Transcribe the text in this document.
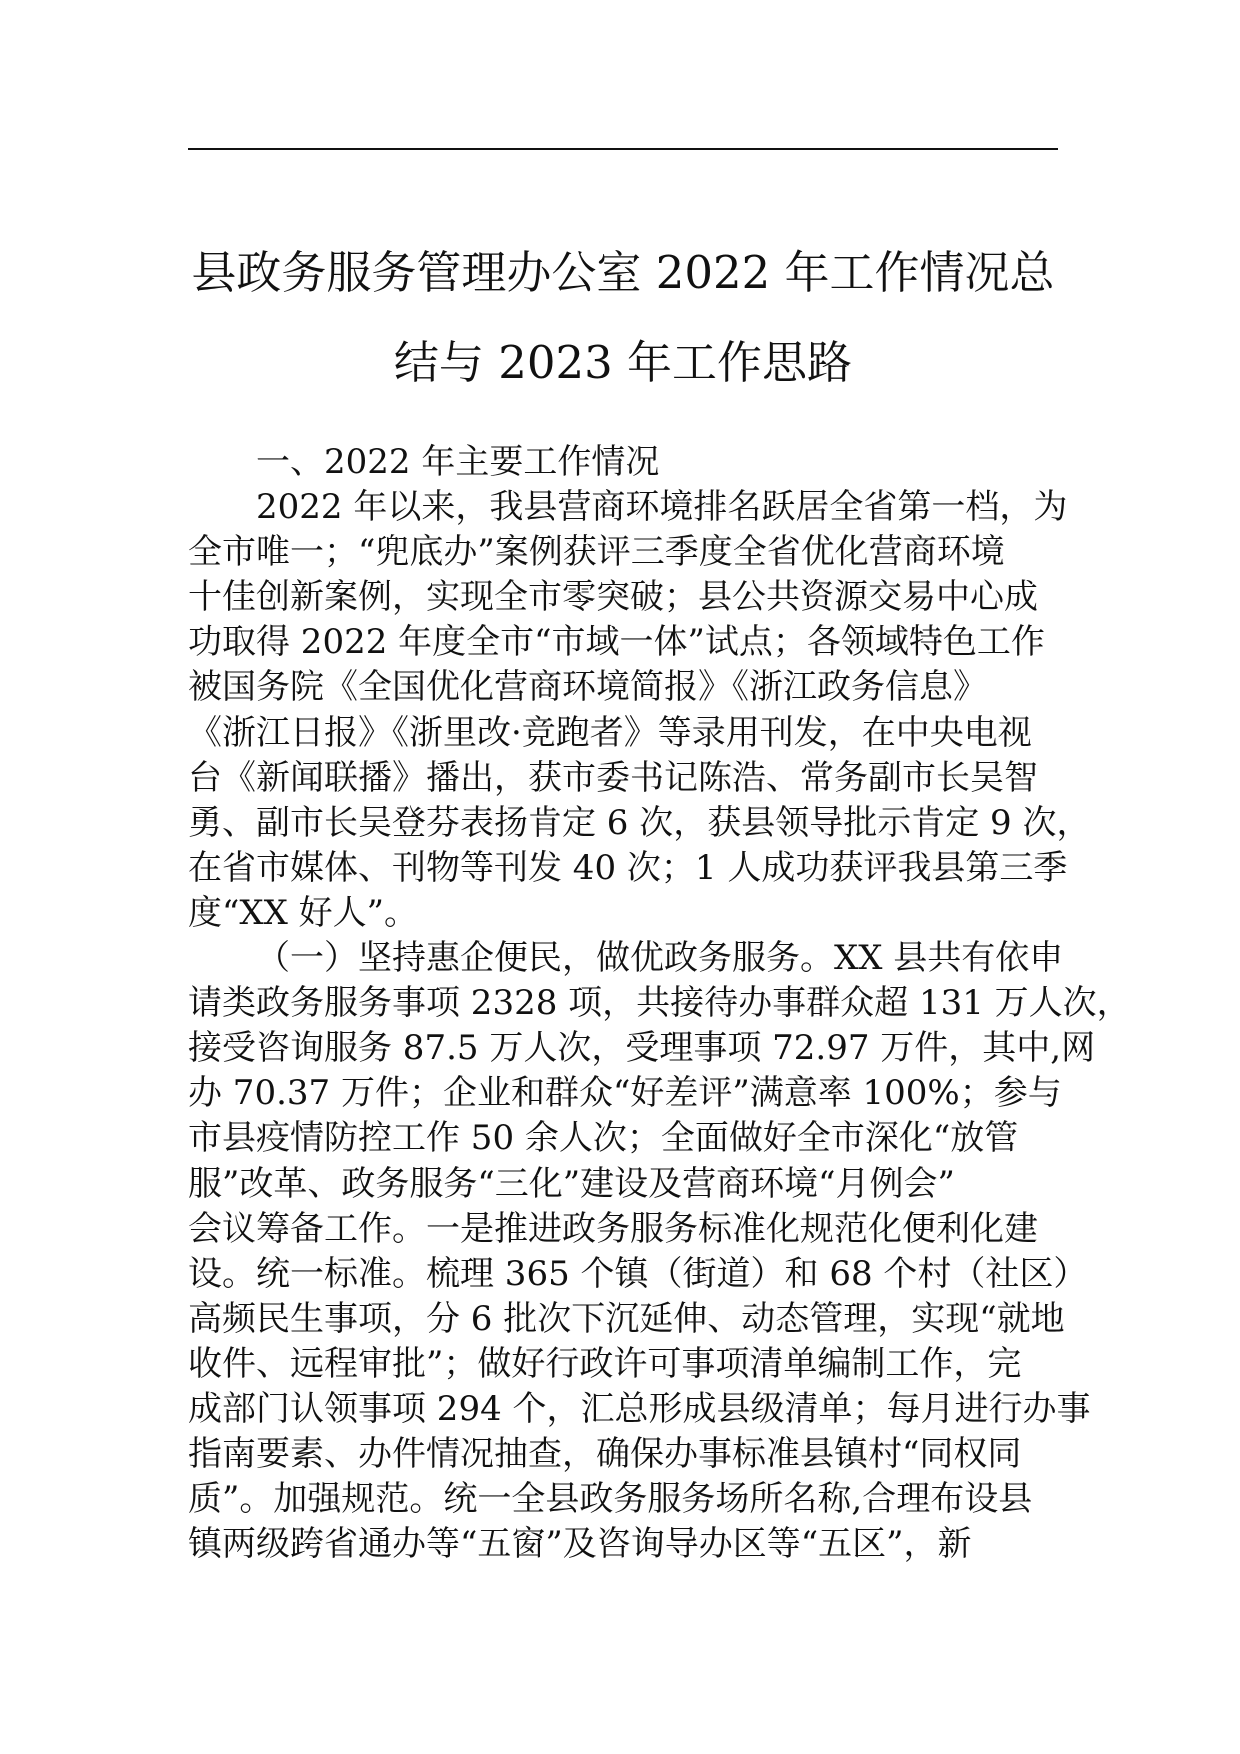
县政务服务管理办公室 2022 年工作情况总
结与 2023 年工作思路
一、2022 年主要工作情况
2022 年以来，我县营商环境排名跃居全省第一档，为
全市唯一；“兜底办”案例获评三季度全省优化营商环境
十佳创新案例，实现全市零突破；县公共资源交易中心成
功取得 2022 年度全市“市域一体”试点；各领域特色工作
被国务院《全国优化营商环境简报》《浙江政务信息》
《浙江日报》《浙里改·竞跑者》等录用刊发，在中央电视
台《新闻联播》播出，获市委书记陈浩、常务副市长吴智
勇、副市长吴登芬表扬肯定 6 次，获县领导批示肯定 9 次，
在省市媒体、刊物等刊发 40 次；1 人成功获评我县第三季
度“XX 好人”。
（一）坚持惠企便民，做优政务服务。XX 县共有依申
请类政务服务事项 2328 项，共接待办事群众超 131 万人次，
接受咨询服务 87.5 万人次，受理事项 72.97 万件，其中,网
办 70.37 万件；企业和群众“好差评”满意率 100%；参与
市县疫情防控工作 50 余人次；全面做好全市深化“放管
服”改革、政务服务“三化”建设及营商环境“月例会”
会议筹备工作。一是推进政务服务标准化规范化便利化建
设。统一标准。梳理 365 个镇（街道）和 68 个村（社区）
高频民生事项，分 6 批次下沉延伸、动态管理，实现“就地
收件、远程审批”；做好行政许可事项清单编制工作，完
成部门认领事项 294 个，汇总形成县级清单；每月进行办事
指南要素、办件情况抽查，确保办事标准县镇村“同权同
质”。加强规范。统一全县政务服务场所名称,合理布设县
镇两级跨省通办等“五窗”及咨询导办区等“五区”，新
